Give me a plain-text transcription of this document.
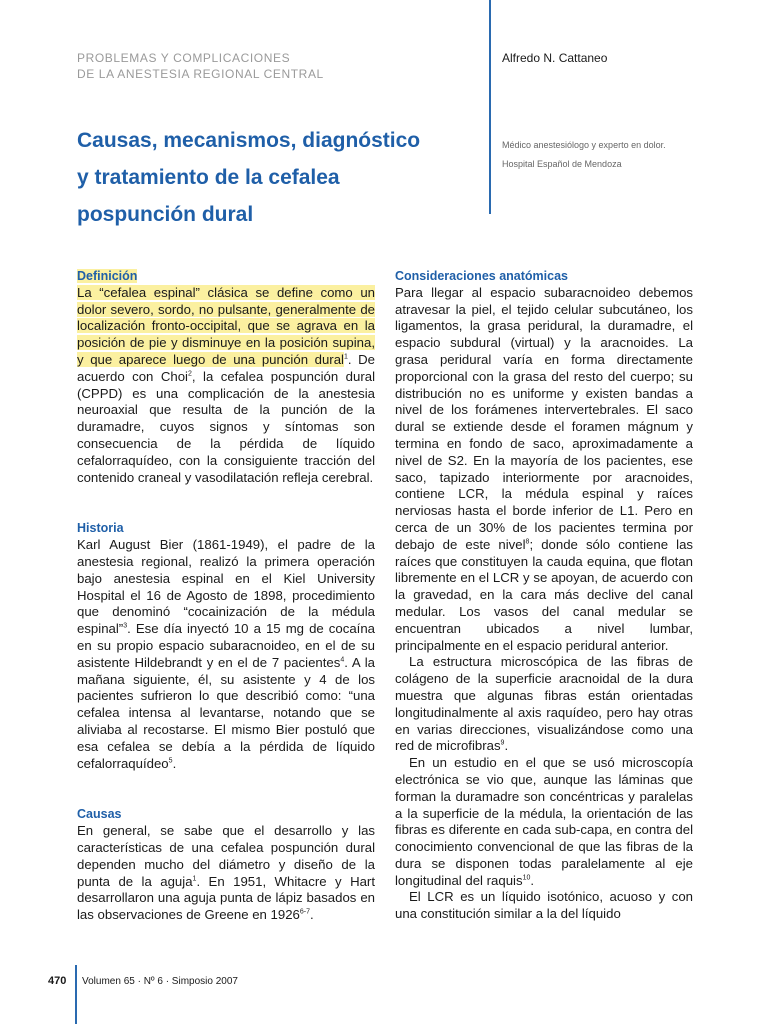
PROBLEMAS Y COMPLICACIONES
DE LA ANESTESIA REGIONAL CENTRAL
Alfredo N. Cattaneo
Causas, mecanismos, diagnóstico
y tratamiento de la cefalea
pospunción dural
Médico anestesiólogo y experto en dolor.
Hospital Español de Mendoza
Definición

La “cefalea espinal” clásica se define como un dolor severo, sordo, no pulsante, generalmente de localización fronto-occipital, que se agrava en la posición de pie y disminuye en la posición supina, y que aparece luego de una punción dural$^1$. De acuerdo con Choi$^2$, la cefalea pospunción dural (CPPD) es una complicación de la anestesia neuroaxial que resulta de la punción de la duramadre, cuyos signos y síntomas son consecuencia de la pérdida de líquido cefalorraquídeo, con la consiguiente tracción del contenido craneal y vasodilatación refleja cerebral.

Historia

Karl August Bier (1861-1949), el padre de la anestesia regional, realizó la primera operación bajo anestesia espinal en el Kiel University Hospital el 16 de Agosto de 1898, procedimiento que denominó “cocainización de la médula espinal”$^3$. Ese día inyectó 10 a 15 mg de cocaína en su propio espacio subaracnoideo, en el de su asistente Hildebrandt y en el de 7 pacientes$^4$. A la mañana siguiente, él, su asistente y 4 de los pacientes sufrieron lo que describió como: “una cefalea intensa al levantarse, notando que se aliviaba al recostarse. El mismo Bier postuló que esa cefalea se debía a la pérdida de líquido cefalorraquídeo$^5$.

Causas

En general, se sabe que el desarrollo y las características de una cefalea pospunción dural dependen mucho del diámetro y diseño de la punta de la aguja$^1$. En 1951, Whitacre y Hart desarrollaron una aguja punta de lápiz basados en las observaciones de Greene en 1926$^{6-7}$.

Consideraciones anatómicas

Para llegar al espacio subaracnoideo debemos atravesar la piel, el tejido celular subcutáneo, los ligamentos, la grasa peridural, la duramadre, el espacio subdural (virtual) y la aracnoides. La grasa peridural varía en forma directamente proporcional con la grasa del resto del cuerpo; su distribución no es uniforme y existen bandas a nivel de los forámenes intervertebrales. El saco dural se extiende desde el foramen mágnum y termina en fondo de saco, aproximadamente a nivel de S2. En la mayoría de los pacientes, ese saco, tapizado interiormente por aracnoides, contiene LCR, la médula espinal y raíces nerviosas hasta el borde inferior de L1. Pero en cerca de un 30% de los pacientes termina por debajo de este nivel$^8$; donde sólo contiene las raíces que constituyen la cauda equina, que flotan libremente en el LCR y se apoyan, de acuerdo con la gravedad, en la cara más declive del canal medular. Los vasos del canal medular se encuentran ubicados a nivel lumbar, principalmente en el espacio peridural anterior.

La estructura microscópica de las fibras de colágeno de la superficie aracnoidal de la dura muestra que algunas fibras están orientadas longitudinalmente al axis raquídeo, pero hay otras en varias direcciones, visualizándose como una red de microfibras$^9$.

En un estudio en el que se usó microscopía electrónica se vio que, aunque las láminas que forman la duramadre son concéntricas y paralelas a la superficie de la médula, la orientación de las fibras es diferente en cada sub-capa, en contra del conocimiento convencional de que las fibras de la dura se disponen todas paralelamente al eje longitudinal del raquis$^{10}$.

El LCR es un líquido isotónico, acuoso y con una constitución similar a la del líquido

470 Volumen 65 · Nº 6 · Simposio 2007
